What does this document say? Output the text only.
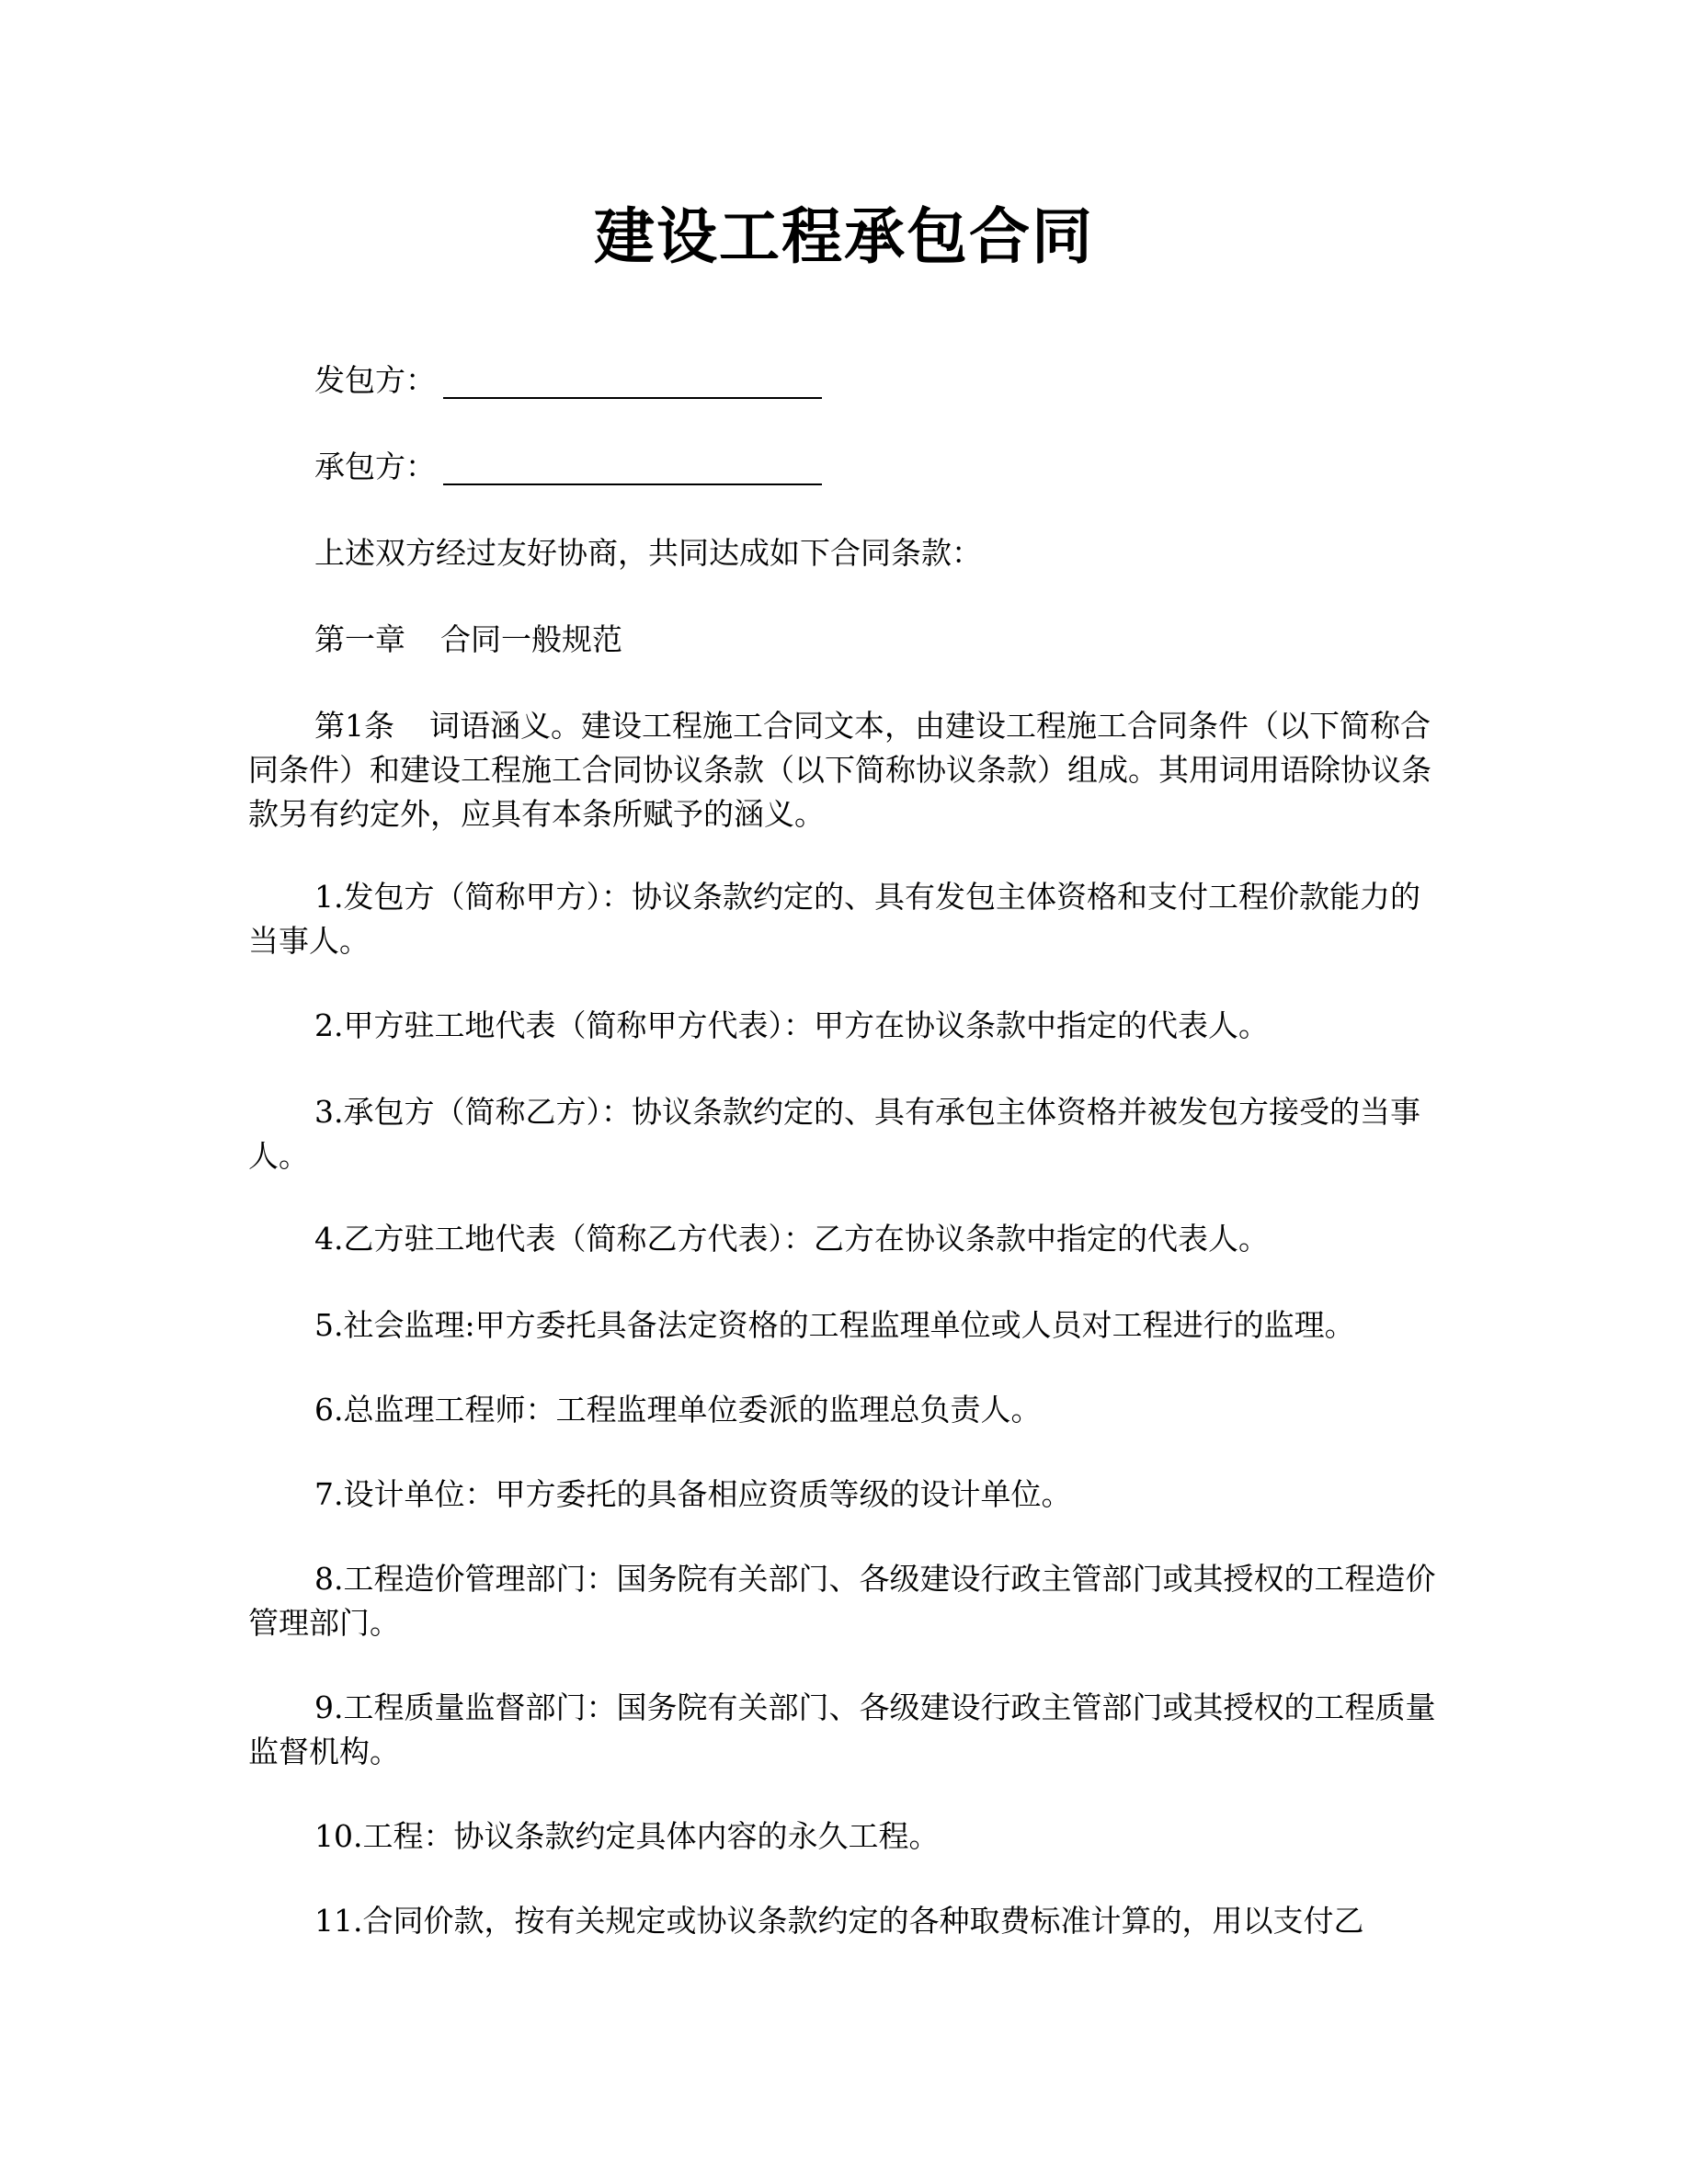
建设工程承包合同
发包方：
承包方：

上述双方经过友好协商，共同达成如下合同条款：

第一章 合同一般规范

第1条 词语涵义。建设工程施工合同文本，由建设工程施工合同条件（以下简称合同条件）和建设工程施工合同协议条款（以下简称协议条款）组成。其用词用语除协议条款另有约定外，应具有本条所赋予的涵义。

1.发包方（简称甲方）：协议条款约定的、具有发包主体资格和支付工程价款能力的当事人。

2.甲方驻工地代表（简称甲方代表）：甲方在协议条款中指定的代表人。

3.承包方（简称乙方）：协议条款约定的、具有承包主体资格并被发包方接受的当事人。

4.乙方驻工地代表（简称乙方代表）：乙方在协议条款中指定的代表人。

5.社会监理:甲方委托具备法定资格的工程监理单位或人员对工程进行的监理。

6.总监理工程师：工程监理单位委派的监理总负责人。

7.设计单位：甲方委托的具备相应资质等级的设计单位。

8.工程造价管理部门：国务院有关部门、各级建设行政主管部门或其授权的工程造价管理部门。

9.工程质量监督部门：国务院有关部门、各级建设行政主管部门或其授权的工程质量监督机构。

10.工程：协议条款约定具体内容的永久工程。

11.合同价款，按有关规定或协议条款约定的各种取费标准计算的，用以支付乙
